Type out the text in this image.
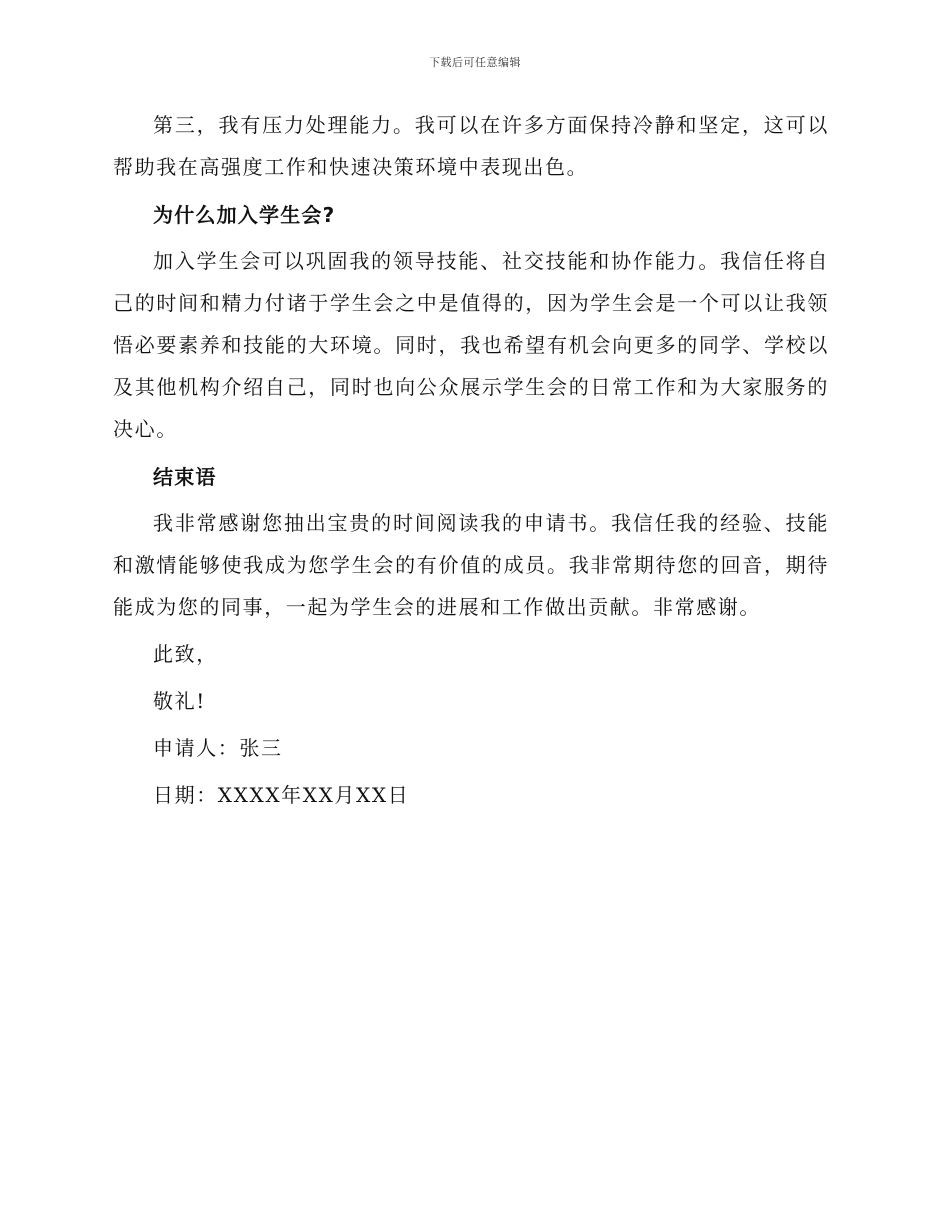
下载后可任意编辑

第三，我有压力处理能力。我可以在许多方面保持冷静和坚定，这可以帮助我在高强度工作和快速决策环境中表现出色。

为什么加入学生会?

加入学生会可以巩固我的领导技能、社交技能和协作能力。我信任将自己的时间和精力付诸于学生会之中是值得的，因为学生会是一个可以让我领悟必要素养和技能的大环境。同时，我也希望有机会向更多的同学、学校以及其他机构介绍自己，同时也向公众展示学生会的日常工作和为大家服务的决心。

结束语

我非常感谢您抽出宝贵的时间阅读我的申请书。我信任我的经验、技能和激情能够使我成为您学生会的有价值的成员。我非常期待您的回音，期待能成为您的同事，一起为学生会的进展和工作做出贡献。非常感谢。

此致，

敬礼!

申请人：张三

日期：XXXX年XX月XX日
